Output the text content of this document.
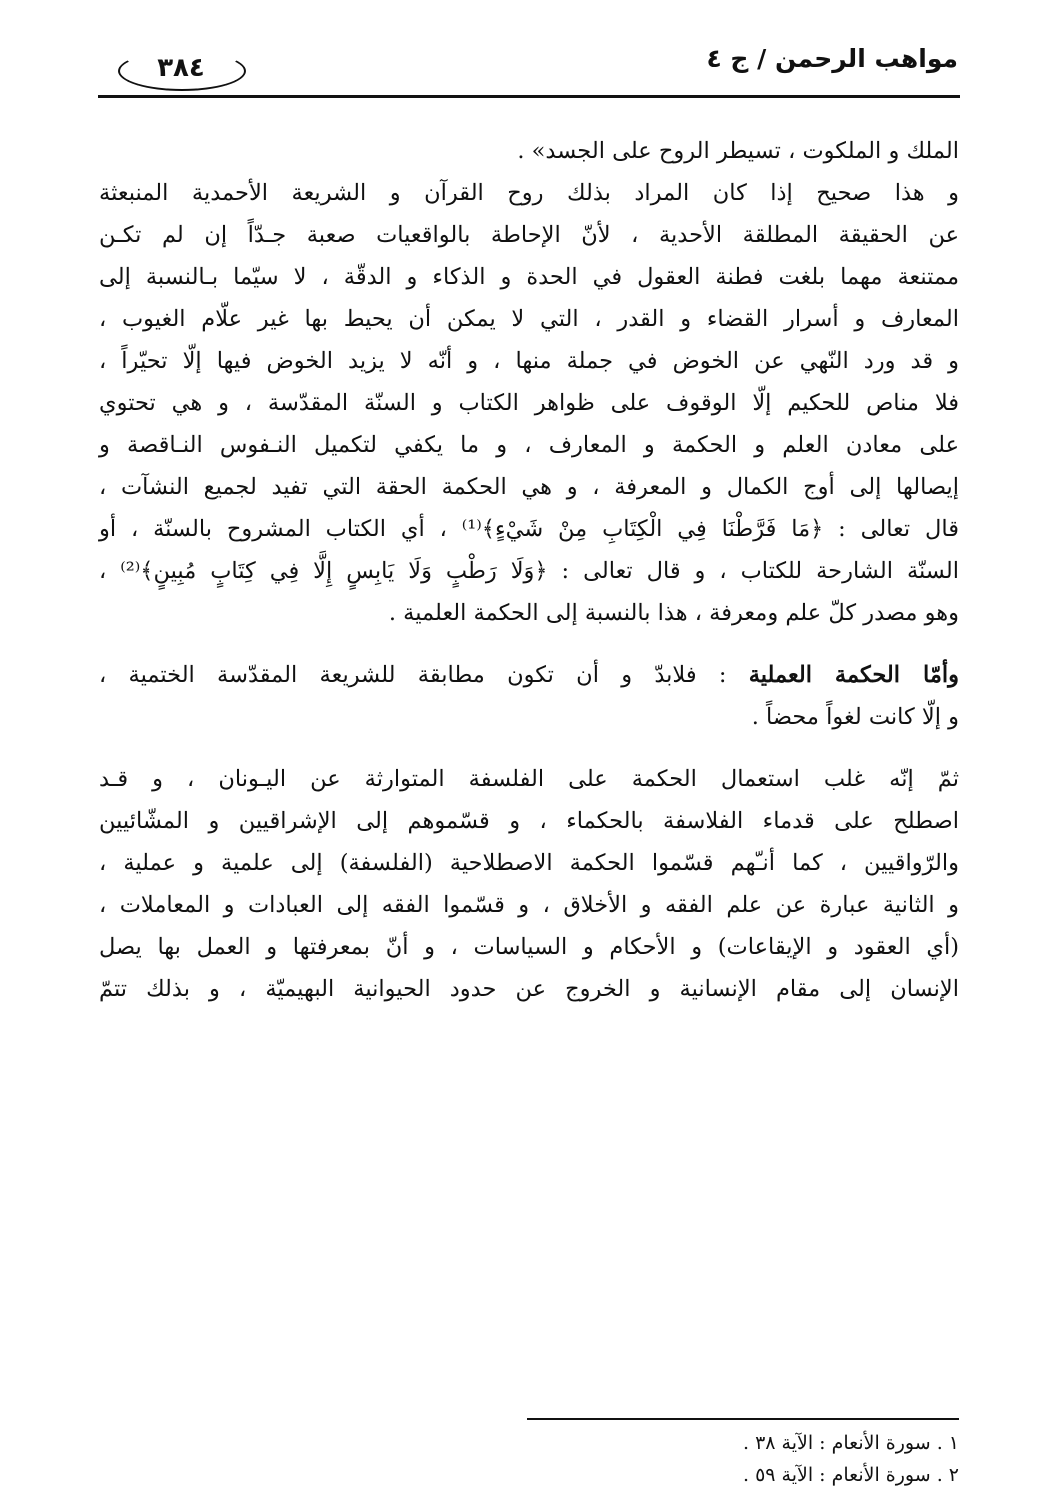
مواهب الرحمن / ج ٤
٣٨٤
الملك و الملكوت ، تسيطر الروح على الجسد» .
و هذا صحيح إذا كان المراد بذلك روح القرآن و الشريعة الأحمدية المنبعثة
عن الحقيقة المطلقة الأحدية ، لأنّ الإحاطة بالواقعيات صعبة جـدّاً إن لم تكـن
ممتنعة مهما بلغت فطنة العقول في الحدة و الذكاء و الدقّة ، لا سيّما بـالنسبة إلى
المعارف و أسرار القضاء و القدر ، التي لا يمكن أن يحيط بها غير علّام الغيوب ،
و قد ورد النّهي عن الخوض في جملة منها ، و أنّه لا يزيد الخوض فيها إلّا تحيّراً ،
فلا مناص للحكيم إلّا الوقوف على ظواهر الكتاب و السنّة المقدّسة ، و هي تحتوي
على معادن العلم و الحكمة و المعارف ، و ما يكفي لتكميل النـفوس النـاقصة و
إيصالها إلى أوج الكمال و المعرفة ، و هي الحكمة الحقة التي تفيد لجميع النشآت ،
قال تعالى : ﴿مَا فَرَّطْنَا فِي الْكِتَابِ مِنْ شَيْءٍ﴾⁽¹⁾ ، أي الكتاب المشروح بالسنّة ، أو
السنّة الشارحة للكتاب ، و قال تعالى : ﴿وَلَا رَطْبٍ وَلَا يَابِسٍ إِلَّا فِي كِتَابٍ مُبِينٍ﴾⁽²⁾ ،
وهو مصدر كلّ علم ومعرفة ، هذا بالنسبة إلى الحكمة العلمية .
وأمّا الحكمة العملية : فلابدّ و أن تكون مطابقة للشريعة المقدّسة الختمية ،
و إلّا كانت لغواً محضاً .
ثمّ إنّه غلب استعمال الحكمة على الفلسفة المتوارثة عن اليـونان ، و قـد
اصطلح على قدماء الفلاسفة بالحكماء ، و قسّموهم إلى الإشراقيين و المشّائيين
والرّواقيين ، كما أنـّهم قسّموا الحكمة الاصطلاحية (الفلسفة) إلى علمية و عملية ،
و الثانية عبارة عن علم الفقه و الأخلاق ، و قسّموا الفقه إلى العبادات و المعاملات ،
(أي العقود و الإيقاعات) و الأحكام و السياسات ، و أنّ بمعرفتها و العمل بها يصل
الإنسان إلى مقام الإنسانية و الخروج عن حدود الحيوانية البهيميّة ، و بذلك تتمّ
١ . سورة الأنعام : الآية ٣٨ .
٢ . سورة الأنعام : الآية ٥٩ .
